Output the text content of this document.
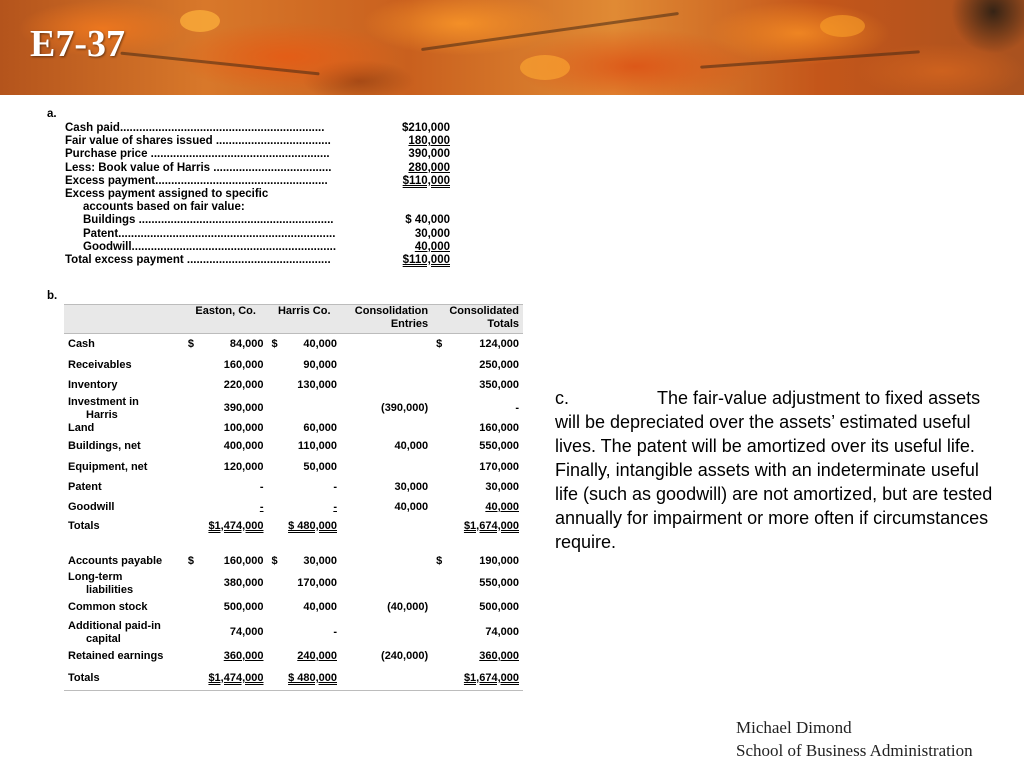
E7-37
a.
Cash paid................................................................	$210,000
Fair value of shares issued ....................................	180,000
Purchase price ........................................................	390,000
Less: Book value of Harris .....................................	280,000
Excess payment......................................................	$110,000
Excess payment assigned to specific
accounts based on fair value:
Buildings .............................................................	$ 40,000
Patent....................................................................	30,000
Goodwill................................................................	40,000
Total excess payment .............................................	$110,000
b.
	Easton, Co.	Harris Co.	Consolidation Entries	Consolidated Totals
Cash	$ 84,000	$ 40,000		$ 124,000

Receivables	160,000	90,000		250,000
Inventory	220,000	130,000		350,000
Investment in
Harris	390,000		(390,000)	-
Land	100,000	60,000		160,000
Buildings, net	400,000	110,000	40,000	550,000
Equipment, net	120,000	50,000		170,000
Patent	-	-	30,000	30,000
Goodwill	-	-	40,000	40,000
Totals	$1,474,000	$ 480,000		$1,674,000

Accounts payable	$ 160,000	$ 30,000		$ 190,000

Long-term
liabilities	380,000	170,000		550,000
Common stock	500,000	40,000	(40,000)	500,000
Additional paid-in
capital	74,000	-		74,000
Retained earnings	360,000	240,000	(240,000)	360,000
Totals	$1,474,000	$ 480,000		$1,674,000
c.	The fair-value adjustment to fixed assets will be depreciated over the assets’ estimated useful lives. The patent will be amortized over its useful life. Finally, intangible assets with an indeterminate useful life (such as goodwill) are not amortized, but are tested annually for impairment or more often if circumstances require.
Michael Dimond
School of Business Administration
